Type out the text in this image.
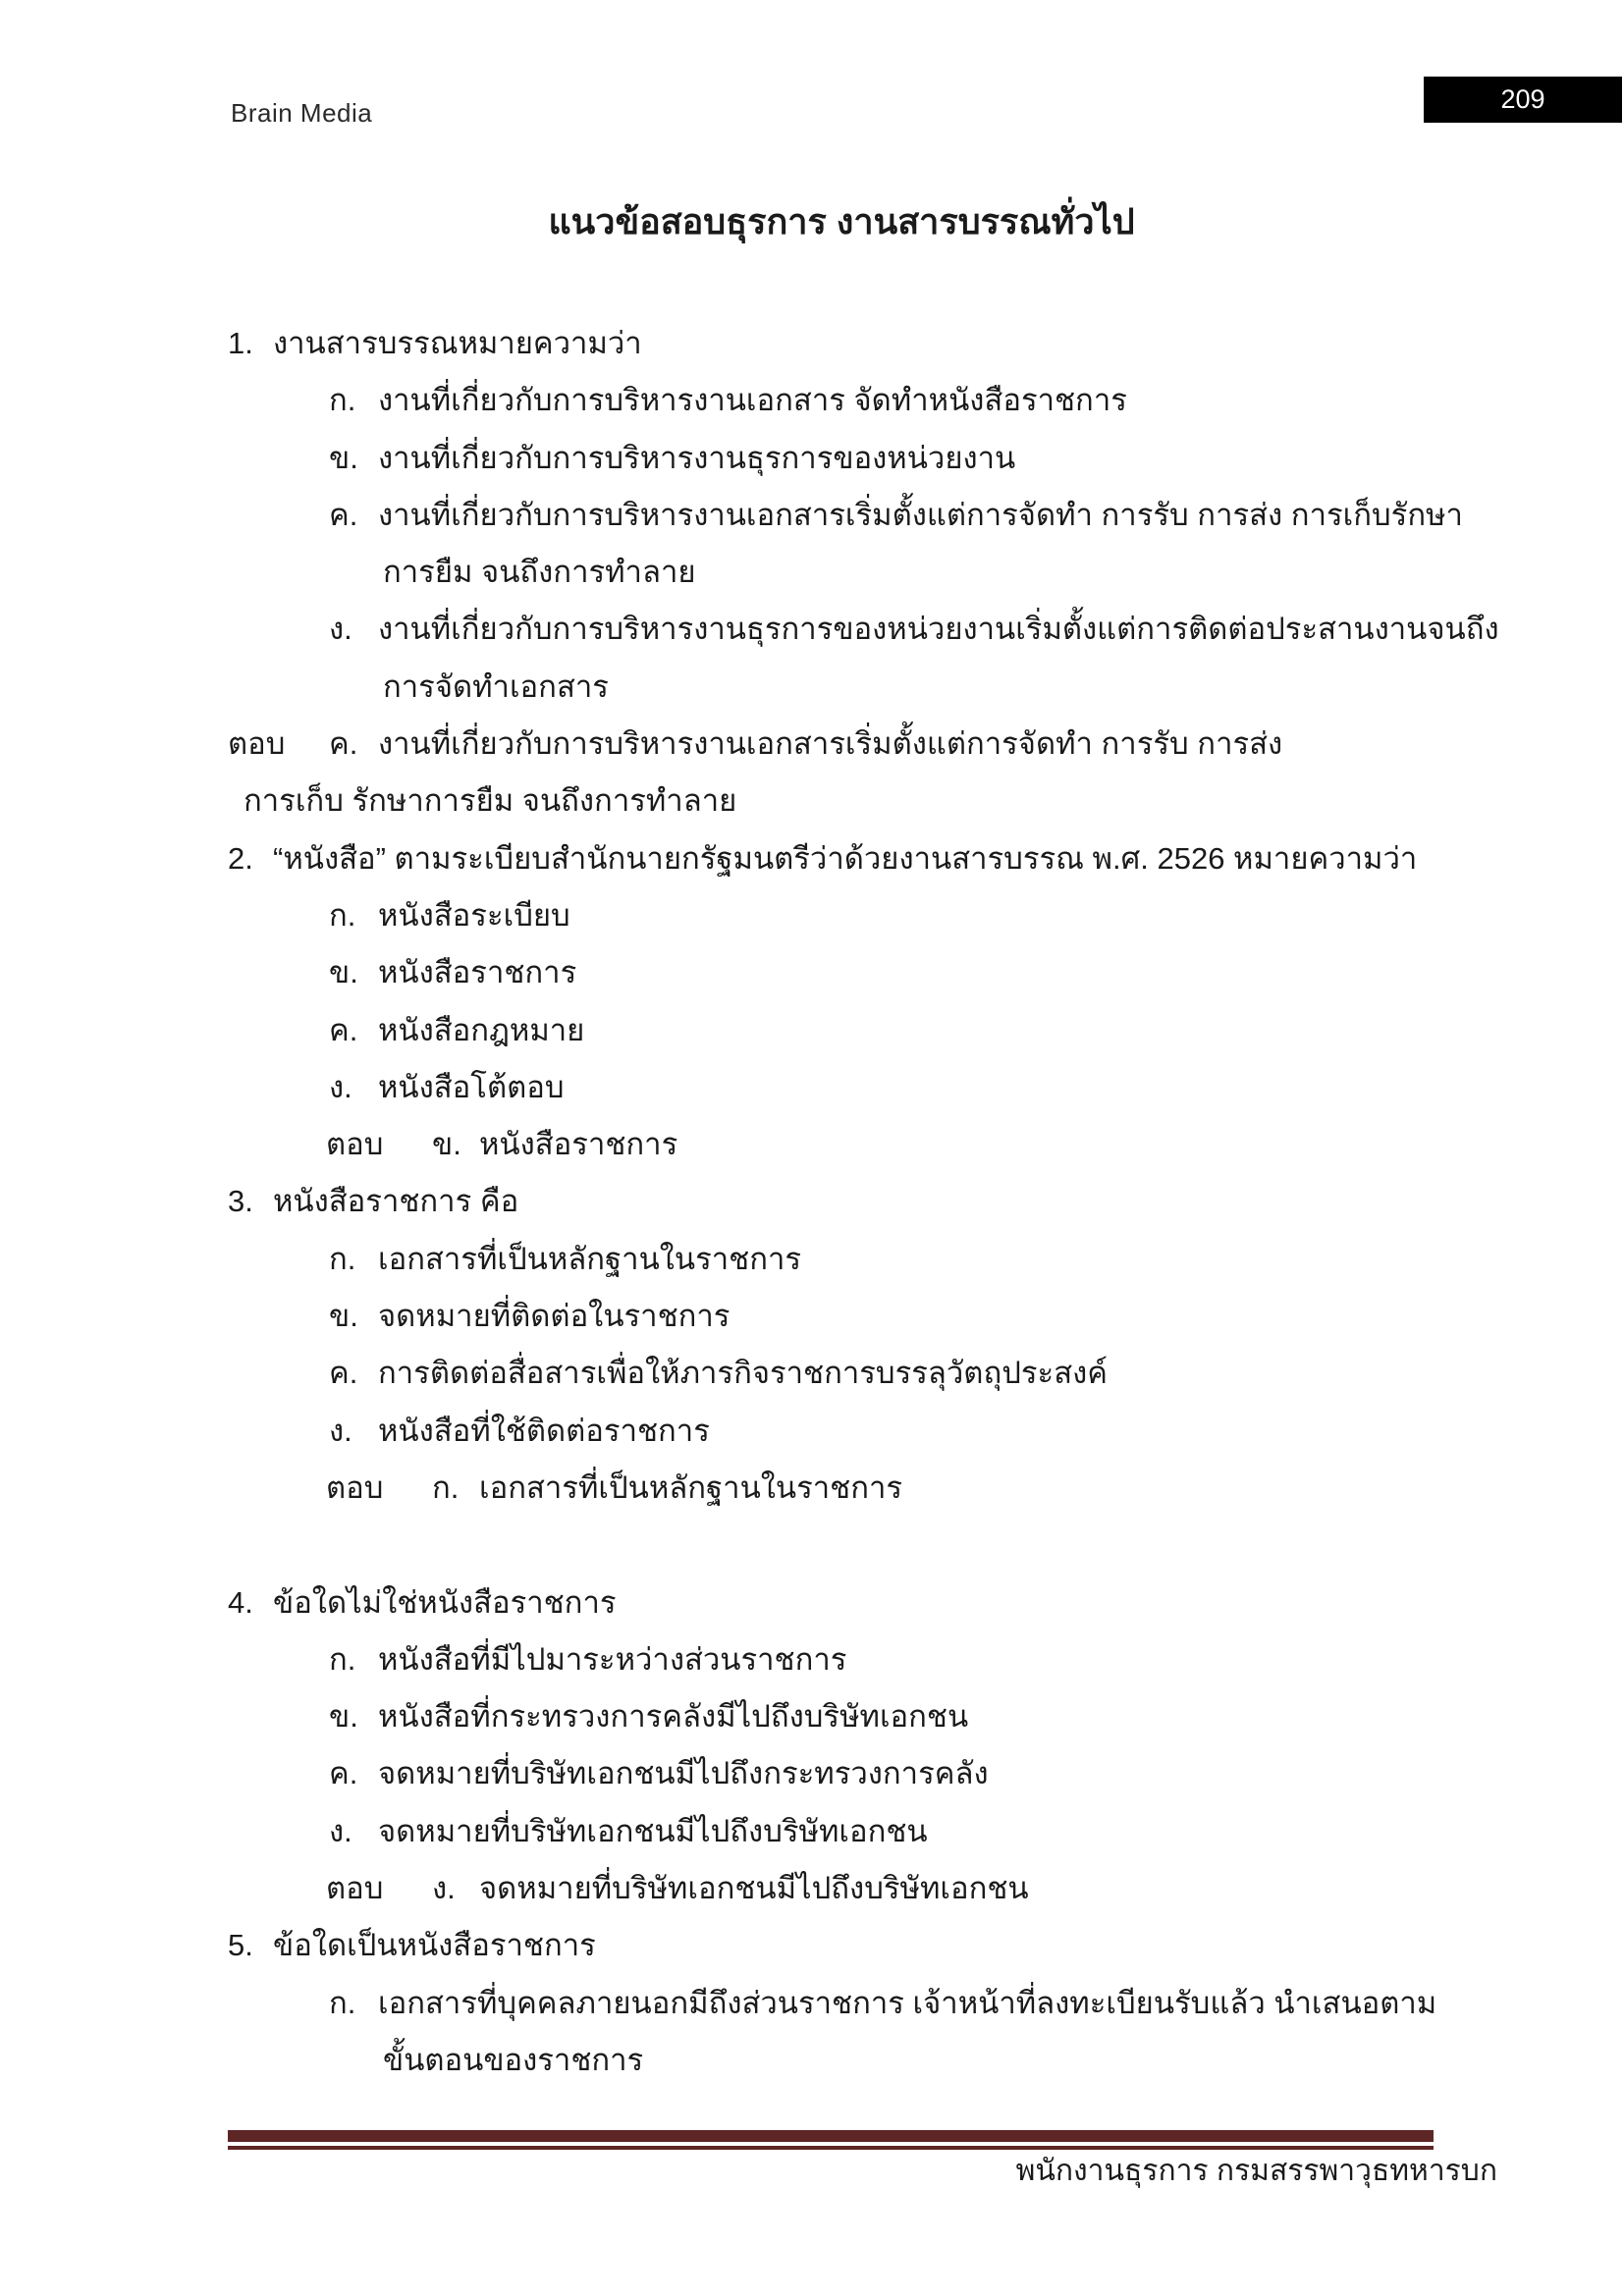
Brain Media	209
แนวข้อสอบธุรการ งานสารบรรณทั่วไป
1. งานสารบรรณหมายความว่า
ก. งานที่เกี่ยวกับการบริหารงานเอกสาร จัดทำหนังสือราชการ
ข. งานที่เกี่ยวกับการบริหารงานธุรการของหน่วยงาน
ค. งานที่เกี่ยวกับการบริหารงานเอกสารเริ่มตั้งแต่การจัดทำ การรับ การส่ง การเก็บรักษา
การยืม จนถึงการทำลาย
ง. งานที่เกี่ยวกับการบริหารงานธุรการของหน่วยงานเริ่มตั้งแต่การติดต่อประสานงานจนถึง
การจัดทำเอกสาร
ตอบ ค. งานที่เกี่ยวกับการบริหารงานเอกสารเริ่มตั้งแต่การจัดทำ การรับ การส่ง
การเก็บ รักษาการยืม จนถึงการทำลาย
2. “หนังสือ” ตามระเบียบสำนักนายกรัฐมนตรีว่าด้วยงานสารบรรณ พ.ศ. 2526 หมายความว่า
ก. หนังสือระเบียบ
ข. หนังสือราชการ
ค. หนังสือกฎหมาย
ง. หนังสือโต้ตอบ
ตอบ ข. หนังสือราชการ
3. หนังสือราชการ คือ
ก. เอกสารที่เป็นหลักฐานในราชการ
ข. จดหมายที่ติดต่อในราชการ
ค. การติดต่อสื่อสารเพื่อให้ภารกิจราชการบรรลุวัตถุประสงค์
ง. หนังสือที่ใช้ติดต่อราชการ
ตอบ ก. เอกสารที่เป็นหลักฐานในราชการ
4. ข้อใดไม่ใช่หนังสือราชการ
ก. หนังสือที่มีไปมาระหว่างส่วนราชการ
ข. หนังสือที่กระทรวงการคลังมีไปถึงบริษัทเอกชน
ค. จดหมายที่บริษัทเอกชนมีไปถึงกระทรวงการคลัง
ง. จดหมายที่บริษัทเอกชนมีไปถึงบริษัทเอกชน
ตอบ ง. จดหมายที่บริษัทเอกชนมีไปถึงบริษัทเอกชน
5. ข้อใดเป็นหนังสือราชการ
ก. เอกสารที่บุคคลภายนอกมีถึงส่วนราชการ เจ้าหน้าที่ลงทะเบียนรับแล้ว นำเสนอตาม
ขั้นตอนของราชการ
พนักงานธุรการ กรมสรรพาวุธทหารบก
